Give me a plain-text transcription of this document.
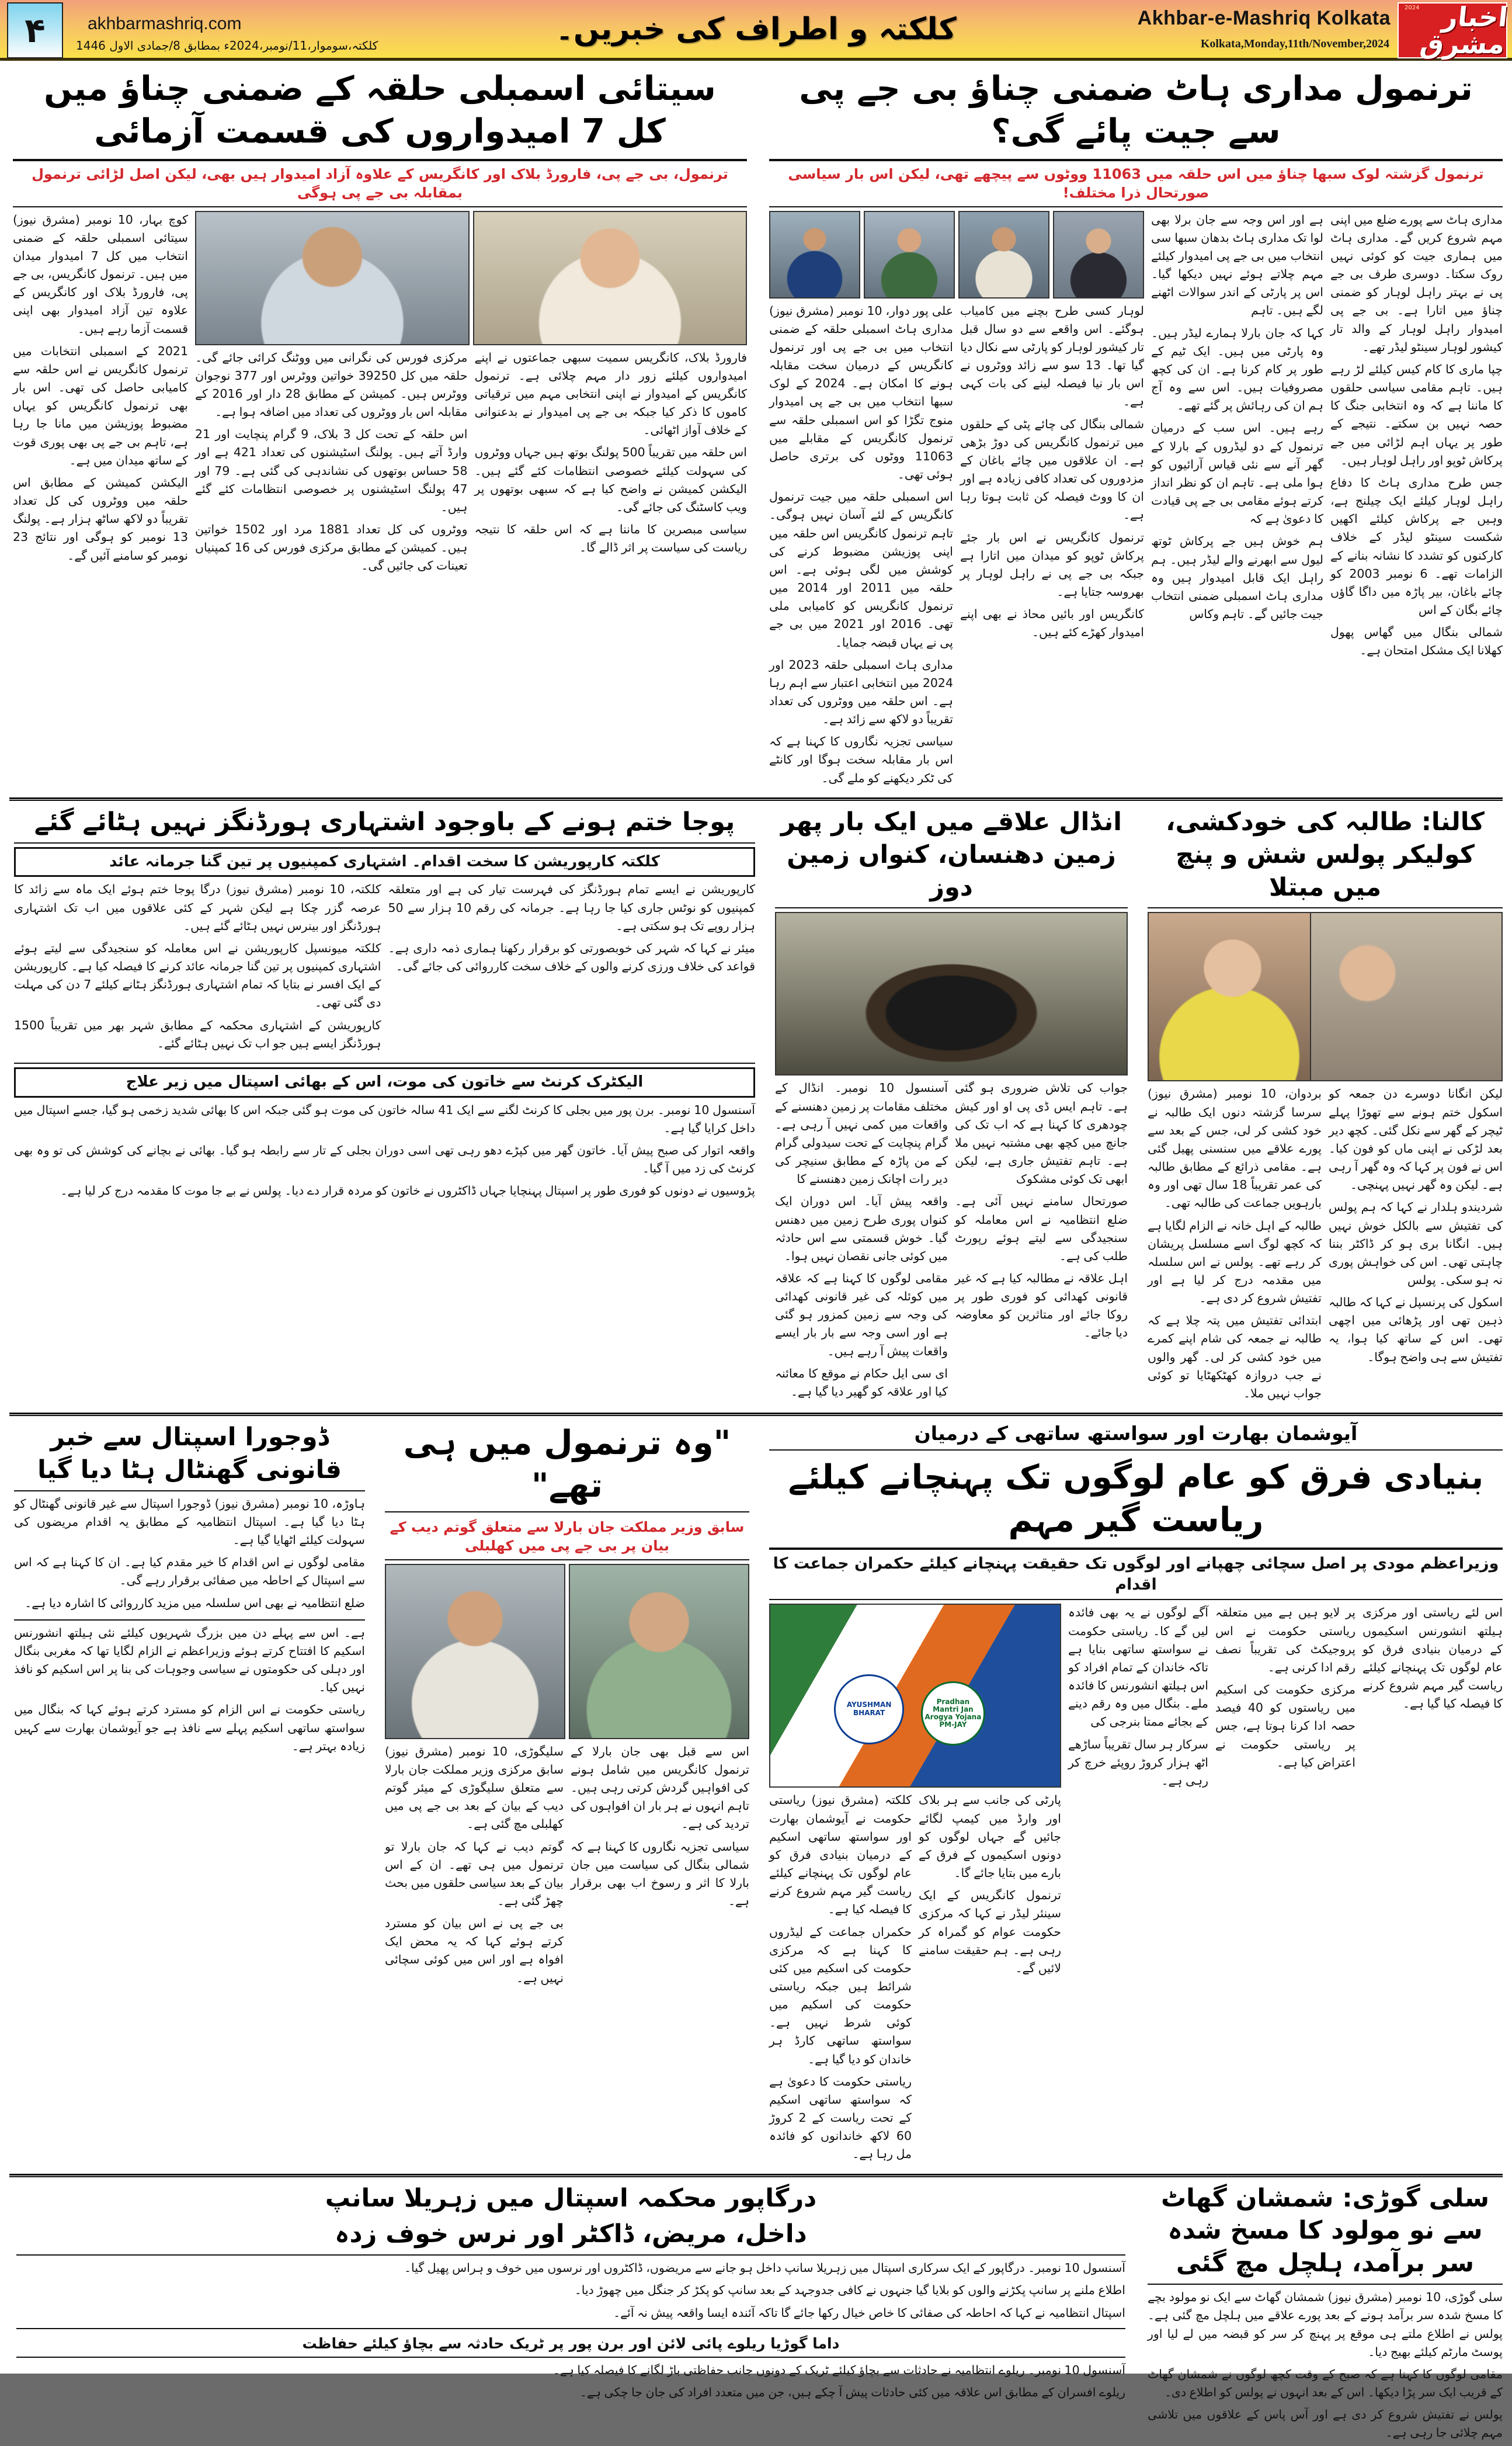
2024 اخبار مشرق
Akhbar-e-Mashriq Kolkata
Kolkata,Monday,11th/November,2024
کلکتہ و اطراف کی خبریں۔
akhbarmashriq.com
کلکتہ،سوموار،11/نومبر،2024ء بمطابق 8/جمادی الاول 1446
۴
ترنمول مداری ہاٹ ضمنی چناؤ بی جے پی سے جیت پائے گی؟
ترنمول گزشتہ لوک سبھا چناؤ میں اس حلقہ میں 11063 ووٹوں سے پیچھے تھی، لیکن اس بار سیاسی صورتحال ذرا مختلف!

مداری ہاٹ سے پورے ضلع میں اپنی مہم شروع کریں گے۔ مداری ہاٹ میں ہماری جیت کو کوئی نہیں روک سکتا۔ دوسری طرف بی جے پی نے بہتر راہل لوہار کو ضمنی چناؤ میں اتارا ہے۔ بی جے پی امیدوار راہل لوہار کے والد تار کیشور لوہار سینٹو لیڈر تھے۔

چپا ماری کا کام کیس کیلئے لڑ رہے ہیں۔ تاہم مقامی سیاسی حلقوں کا ماننا ہے کہ وہ انتخابی جنگ کا حصہ نہیں بن سکتے۔ نتیجے کے طور پر یہاں اہم لڑائی میں جے پرکاش ٹوپو اور راہل لوہار ہیں۔

جس طرح مداری ہاٹ کا دفاع راہل لوہار کیلئے ایک چیلنج ہے، وہیں جے پرکاش کیلئے اکھیں شکست سینٹو لیڈر کے خلاف کارکنوں کو تشدد کا نشانہ بنانے کے الزامات تھے۔ 6 نومبر 2003 کو چائے باغان، بیر پاڑہ میں داگا گاؤں چائے بگان کے اس

شمالی بنگال میں گھاس پھول کھلانا ایک مشکل امتحان ہے۔

ہے اور اس وجہ سے جان برلا بھی لوا تک مداری ہاٹ بدھان سبھا سی انتخاب میں بی جے پی امیدوار کیلئے مہم چلاتے ہوئے نہیں دیکھا گیا۔ اس پر پارٹی کے اندر سوالات اٹھنے لگے ہیں۔ تاہم

کہا کہ جان بارلا ہمارے لیڈر ہیں۔ وہ پارٹی میں ہیں۔ ایک ٹیم کے طور پر کام کرنا ہے۔ ان کی کچھ مصروفیات ہیں۔ اس سے وہ آج ہم ان کی رہائش پر گئے تھے۔

رہے ہیں۔ اس سب کے درمیان ترنمول کے دو لیڈروں کے بارلا کے گھر آنے سے نئی قیاس آرائیوں کو ہوا ملی ہے۔ تاہم ان کو نظر انداز کرتے ہوئے مقامی بی جے پی قیادت کا دعویٰ ہے کہ

ہم خوش ہیں جے پرکاش ٹوتھ لیول سے ابھرنے والے لیڈر ہیں۔ ہم راہل ایک قابل امیدوار ہیں وہ مداری ہاٹ اسمبلی ضمنی انتخاب جیت جائیں گے۔ تاہم وکاس

لوہار کسی طرح بچنے میں کامیاب ہوگئے۔ اس واقعے سے دو سال قبل تار کیشور لوہار کو پارٹی سے نکال دیا گیا تھا۔ 13 سو سے زائد ووٹروں نے اس بار نیا فیصلہ لینے کی بات کہی ہے۔

شمالی بنگال کی چائے پٹی کے حلقوں میں ترنمول کانگریس کی دوڑ بڑھی ہے۔ ان علاقوں میں چائے باغان کے مزدوروں کی تعداد کافی زیادہ ہے اور ان کا ووٹ فیصلہ کن ثابت ہوتا رہا ہے۔

ترنمول کانگریس نے اس بار جئے پرکاش ٹوپو کو میدان میں اتارا ہے جبکہ بی جے پی نے راہل لوہار پر بھروسہ جتایا ہے۔

کانگریس اور بائیں محاذ نے بھی اپنے امیدوار کھڑے کئے ہیں۔

علی پور دوار، 10 نومبر (مشرق نیوز) مداری ہاٹ اسمبلی حلقہ کے ضمنی انتخاب میں بی جے پی اور ترنمول کانگریس کے درمیان سخت مقابلہ ہونے کا امکان ہے۔ 2024 کے لوک سبھا انتخاب میں بی جے پی امیدوار منوج تگڑا کو اس اسمبلی حلقہ سے ترنمول کانگریس کے مقابلے میں 11063 ووٹوں کی برتری حاصل ہوئی تھی۔

اس اسمبلی حلقہ میں جیت ترنمول کانگریس کے لئے آسان نہیں ہوگی۔ تاہم ترنمول کانگریس اس حلقہ میں اپنی پوزیشن مضبوط کرنے کی کوشش میں لگی ہوئی ہے۔ اس حلقہ میں 2011 اور 2014 میں ترنمول کانگریس کو کامیابی ملی تھی۔ 2016 اور 2021 میں بی جے پی نے یہاں قبضہ جمایا۔

مداری ہاٹ اسمبلی حلقہ 2023 اور 2024 میں انتخابی اعتبار سے اہم رہا ہے۔ اس حلقہ میں ووٹروں کی تعداد تقریباً دو لاکھ سے زائد ہے۔

سیاسی تجزیہ نگاروں کا کہنا ہے کہ اس بار مقابلہ سخت ہوگا اور کانٹے کی ٹکر دیکھنے کو ملے گی۔

سیتائی اسمبلی حلقہ کے ضمنی چناؤ میں کل 7 امیدواروں کی قسمت آزمائی
ترنمول، بی جے پی، فارورڈ بلاک اور کانگریس کے علاوہ آزاد امیدوار ہیں بھی، لیکن اصل لڑائی ترنمول بمقابلہ بی جے پی ہوگی

فارورڈ بلاک، کانگریس سمیت سبھی جماعتوں نے اپنے امیدواروں کیلئے زور دار مہم چلائی ہے۔ ترنمول کانگریس کے امیدوار نے اپنی انتخابی مہم میں ترقیاتی کاموں کا ذکر کیا جبکہ بی جے پی امیدوار نے بدعنوانی کے خلاف آواز اٹھائی۔

اس حلقہ میں تقریباً 500 پولنگ بوتھ ہیں جہاں ووٹروں کی سہولت کیلئے خصوصی انتظامات کئے گئے ہیں۔ الیکشن کمیشن نے واضح کیا ہے کہ سبھی بوتھوں پر ویب کاسٹنگ کی جائے گی۔

سیاسی مبصرین کا ماننا ہے کہ اس حلقہ کا نتیجہ ریاست کی سیاست پر اثر ڈالے گا۔

مرکزی فورس کی نگرانی میں ووٹنگ کرائی جائے گی۔ حلقہ میں کل 39250 خواتین ووٹرس اور 377 نوجوان ووٹرس ہیں۔ کمیشن کے مطابق 28 دار اور 2016 کے مقابلہ اس بار ووٹروں کی تعداد میں اضافہ ہوا ہے۔

اس حلقہ کے تحت کل 3 بلاک، 9 گرام پنچایت اور 21 وارڈ آتے ہیں۔ پولنگ اسٹیشنوں کی تعداد 421 ہے اور 58 حساس بوتھوں کی نشاندہی کی گئی ہے۔ 79 اور 47 پولنگ اسٹیشنوں پر خصوصی انتظامات کئے گئے ہیں۔

ووٹروں کی کل تعداد 1881 مرد اور 1502 خواتین ہیں۔ کمیشن کے مطابق مرکزی فورس کی 16 کمپنیاں تعینات کی جائیں گی۔

کوچ بہار، 10 نومبر (مشرق نیوز) سیتائی اسمبلی حلقہ کے ضمنی انتخاب میں کل 7 امیدوار میدان میں ہیں۔ ترنمول کانگریس، بی جے پی، فارورڈ بلاک اور کانگریس کے علاوہ تین آزاد امیدوار بھی اپنی قسمت آزما رہے ہیں۔

2021 کے اسمبلی انتخابات میں ترنمول کانگریس نے اس حلقہ سے کامیابی حاصل کی تھی۔ اس بار بھی ترنمول کانگریس کو یہاں مضبوط پوزیشن میں مانا جا رہا ہے، تاہم بی جے پی بھی پوری قوت کے ساتھ میدان میں ہے۔

الیکشن کمیشن کے مطابق اس حلقہ میں ووٹروں کی کل تعداد تقریباً دو لاکھ ساٹھ ہزار ہے۔ پولنگ 13 نومبر کو ہوگی اور نتائج 23 نومبر کو سامنے آئیں گے۔

کالنا: طالبہ کی خودکشی، کولیکر پولس شش و پنچ میں مبتلا

لیکن انگانا دوسرے دن جمعہ کو اسکول ختم ہونے سے تھوڑا پہلے ٹیچر کے گھر سے نکل گئی۔ کچھ دیر بعد لڑکی نے اپنی ماں کو فون کیا۔ اس نے فون پر کہا کہ وہ گھر آ رہی ہے۔ لیکن وہ گھر نہیں پہنچی۔

شردیندو ہلدار نے کہا کہ ہم پولس کی تفتیش سے بالکل خوش نہیں ہیں۔ انگانا بری ہو کر ڈاکٹر بننا چاہتی تھی۔ اس کی خواہش پوری نہ ہو سکی۔ پولس

اسکول کی پرنسپل نے کہا کہ طالبہ ذہین تھی اور پڑھائی میں اچھی تھی۔ اس کے ساتھ کیا ہوا، یہ تفتیش سے ہی واضح ہوگا۔

بردوان، 10 نومبر (مشرق نیوز) سرسا گزشتہ دنوں ایک طالبہ نے خود کشی کر لی، جس کے بعد سے پورے علاقے میں سنسنی پھیل گئی ہے۔ مقامی ذرائع کے مطابق طالبہ کی عمر تقریباً 18 سال تھی اور وہ بارہویں جماعت کی طالبہ تھی۔

طالبہ کے اہل خانہ نے الزام لگایا ہے کہ کچھ لوگ اسے مسلسل پریشان کر رہے تھے۔ پولس نے اس سلسلہ میں مقدمہ درج کر لیا ہے اور تفتیش شروع کر دی ہے۔

ابتدائی تفتیش میں پتہ چلا ہے کہ طالبہ نے جمعہ کی شام اپنے کمرے میں خود کشی کر لی۔ گھر والوں نے جب دروازہ کھٹکھٹایا تو کوئی جواب نہیں ملا۔

انڈال علاقے میں ایک بار پھر زمین دھنسان، کنواں زمین دوز

جواب کی تلاش ضروری ہو گئی ہے۔ تاہم ایس ڈی پی او اور کیش چودھری کا کہنا ہے کہ اب تک کی جانچ میں کچھ بھی مشتبہ نہیں ملا ہے۔ تاہم تفتیش جاری ہے، لیکن ابھی تک کوئی مشکوک

صورتحال سامنے نہیں آئی ہے۔ ضلع انتظامیہ نے اس معاملہ کو سنجیدگی سے لیتے ہوئے رپورٹ طلب کی ہے۔

اہل علاقہ نے مطالبہ کیا ہے کہ غیر قانونی کھدائی کو فوری طور پر روکا جائے اور متاثرین کو معاوضہ دیا جائے۔

آسنسول 10 نومبر۔ انڈال کے مختلف مقامات پر زمین دھنسنے کے واقعات میں کمی نہیں آ رہی ہے۔ گرام پنچایت کے تحت سیدولی گرام کے من پاڑہ کے مطابق سنیچر کی دیر رات اچانک زمین دھنسنے کا

واقعہ پیش آیا۔ اس دوران ایک کنواں پوری طرح زمین میں دھنس گیا۔ خوش قسمتی سے اس حادثہ میں کوئی جانی نقصان نہیں ہوا۔

مقامی لوگوں کا کہنا ہے کہ علاقہ میں کوئلہ کی غیر قانونی کھدائی کی وجہ سے زمین کمزور ہو گئی ہے اور اسی وجہ سے بار بار ایسے واقعات پیش آ رہے ہیں۔

ای سی ایل حکام نے موقع کا معائنہ کیا اور علاقہ کو گھیر دیا گیا ہے۔

پوجا ختم ہونے کے باوجود اشتہاری ہورڈنگز نہیں ہٹائے گئے
کلکتہ کارپوریشن کا سخت اقدام۔ اشتہاری کمپنیوں پر تین گنا جرمانہ عائد

کارپوریشن نے ایسے تمام ہورڈنگز کی فہرست تیار کی ہے اور متعلقہ کمپنیوں کو نوٹس جاری کیا جا رہا ہے۔ جرمانہ کی رقم 10 ہزار سے 50 ہزار روپے تک ہو سکتی ہے۔

میئر نے کہا کہ شہر کی خوبصورتی کو برقرار رکھنا ہماری ذمہ داری ہے۔ قواعد کی خلاف ورزی کرنے والوں کے خلاف سخت کارروائی کی جائے گی۔

کلکتہ، 10 نومبر (مشرق نیوز) درگا پوجا ختم ہوئے ایک ماہ سے زائد کا عرصہ گزر چکا ہے لیکن شہر کے کئی علاقوں میں اب تک اشتہاری ہورڈنگز اور بینرس نہیں ہٹائے گئے ہیں۔

کلکتہ میونسپل کارپوریشن نے اس معاملہ کو سنجیدگی سے لیتے ہوئے اشتہاری کمپنیوں پر تین گنا جرمانہ عائد کرنے کا فیصلہ کیا ہے۔ کارپوریشن کے ایک افسر نے بتایا کہ تمام اشتہاری ہورڈنگز ہٹانے کیلئے 7 دن کی مہلت دی گئی تھی۔

کارپوریشن کے اشتہاری محکمہ کے مطابق شہر بھر میں تقریباً 1500 ہورڈنگز ایسے ہیں جو اب تک نہیں ہٹائے گئے۔

الیکٹرک کرنٹ سے خاتون کی موت، اس کے بھائی اسپتال میں زیر علاج

آسنسول 10 نومبر۔ برن پور میں بجلی کا کرنٹ لگنے سے ایک 41 سالہ خاتون کی موت ہو گئی جبکہ اس کا بھائی شدید زخمی ہو گیا، جسے اسپتال میں داخل کرایا گیا ہے۔

واقعہ اتوار کی صبح پیش آیا۔ خاتون گھر میں کپڑے دھو رہی تھی اسی دوران بجلی کے تار سے رابطہ ہو گیا۔ بھائی نے بچانے کی کوشش کی تو وہ بھی کرنٹ کی زد میں آ گیا۔

پڑوسیوں نے دونوں کو فوری طور پر اسپتال پہنچایا جہاں ڈاکٹروں نے خاتون کو مردہ قرار دے دیا۔ پولس نے بے جا موت کا مقدمہ درج کر لیا ہے۔

آیوشمان بھارت اور سواستھ ساتھی کے درمیان
بنیادی فرق کو عام لوگوں تک پہنچانے کیلئے ریاست گیر مہم
وزیراعظم مودی پر اصل سچائی چھپانے اور لوگوں تک حقیقت پہنچانے کیلئے حکمران جماعت کا اقدام

اس لئے ریاستی اور مرکزی ہیلتھ انشورنس اسکیموں کے درمیان بنیادی فرق کو عام لوگوں تک پہنچانے کیلئے ریاست گیر مہم شروع کرنے کا فیصلہ کیا گیا ہے۔

پر لایو ہیں ہے میں متعلقہ ریاستی حکومت نے اس پروجیکٹ کی تقریباً نصف رقم ادا کرنی ہے۔

مرکزی حکومت کی اسکیم میں ریاستوں کو 40 فیصد حصہ ادا کرنا ہوتا ہے، جس پر ریاستی حکومت نے اعتراض کیا ہے۔

آگے لوگوں نے یہ بھی فائدہ لیں گے کا۔ ریاستی حکومت نے سواستھ ساتھی بنایا ہے تاکہ خاندان کے تمام افراد کو اس ہیلتھ انشورنس کا فائدہ ملے۔ بنگال میں وہ رقم دینے کے بجائے ممتا بنرجی کی

سرکار ہر سال تقریباً ساڑھے اٹھ ہزار کروڑ روپئے خرچ کر رہی ہے۔

AYUSHMAN BHARAT
Pradhan Mantri Jan Arogya Yojana PM-JAY

پارٹی کی جانب سے ہر بلاک اور وارڈ میں کیمپ لگائے جائیں گے جہاں لوگوں کو دونوں اسکیموں کے فرق کے بارے میں بتایا جائے گا۔

ترنمول کانگریس کے ایک سینئر لیڈر نے کہا کہ مرکزی حکومت عوام کو گمراہ کر رہی ہے۔ ہم حقیقت سامنے لائیں گے۔

کلکتہ (مشرق نیوز) ریاستی حکومت نے آیوشمان بھارت اور سواستھ ساتھی اسکیم کے درمیان بنیادی فرق کو عام لوگوں تک پہنچانے کیلئے ریاست گیر مہم شروع کرنے کا فیصلہ کیا ہے۔

حکمراں جماعت کے لیڈروں کا کہنا ہے کہ مرکزی حکومت کی اسکیم میں کئی شرائط ہیں جبکہ ریاستی حکومت کی اسکیم میں کوئی شرط نہیں ہے۔ سواستھ ساتھی کارڈ ہر خاندان کو دیا گیا ہے۔

ریاستی حکومت کا دعویٰ ہے کہ سواستھ ساتھی اسکیم کے تحت ریاست کے 2 کروڑ 60 لاکھ خاندانوں کو فائدہ مل رہا ہے۔

"وہ ترنمول میں ہی تھے"
سابق وزیر مملکت جان بارلا سے متعلق گوتم دیب کے بیان پر بی جے پی میں کھلبلی

اس سے قبل بھی جان بارلا کے ترنمول کانگریس میں شامل ہونے کی افواہیں گردش کرتی رہی ہیں۔ تاہم انہوں نے ہر بار ان افواہوں کی تردید کی ہے۔

سیاسی تجزیہ نگاروں کا کہنا ہے کہ شمالی بنگال کی سیاست میں جان بارلا کا اثر و رسوخ اب بھی برقرار ہے۔

سلیگوڑی، 10 نومبر (مشرق نیوز) سابق مرکزی وزیر مملکت جان بارلا سے متعلق سلیگوڑی کے میئر گوتم دیب کے بیان کے بعد بی جے پی میں کھلبلی مچ گئی ہے۔

گوتم دیب نے کہا کہ جان بارلا تو ترنمول میں ہی تھے۔ ان کے اس بیان کے بعد سیاسی حلقوں میں بحث چھڑ گئی ہے۔

بی جے پی نے اس بیان کو مسترد کرتے ہوئے کہا کہ یہ محض ایک افواہ ہے اور اس میں کوئی سچائی نہیں ہے۔

ڈوجورا اسپتال سے خبر قانونی گھنٹال ہٹا دیا گیا

ہاوڑہ، 10 نومبر (مشرق نیوز) ڈوجورا اسپتال سے غیر قانونی گھنٹال کو ہٹا دیا گیا ہے۔ اسپتال انتظامیہ کے مطابق یہ اقدام مریضوں کی سہولت کیلئے اٹھایا گیا ہے۔

مقامی لوگوں نے اس اقدام کا خیر مقدم کیا ہے۔ ان کا کہنا ہے کہ اس سے اسپتال کے احاطہ میں صفائی برقرار رہے گی۔

ضلع انتظامیہ نے بھی اس سلسلہ میں مزید کارروائی کا اشارہ دیا ہے۔

ہے۔ اس سے پہلے دن میں بزرگ شہریوں کیلئے نئی ہیلتھ انشورنس اسکیم کا افتتاح کرتے ہوئے وزیراعظم نے الزام لگایا تھا کہ مغربی بنگال اور دہلی کی حکومتوں نے سیاسی وجوہات کی بنا پر اس اسکیم کو نافذ نہیں کیا۔

ریاستی حکومت نے اس الزام کو مسترد کرتے ہوئے کہا کہ بنگال میں سواستھ ساتھی اسکیم پہلے سے نافذ ہے جو آیوشمان بھارت سے کہیں زیادہ بہتر ہے۔

سلی گوڑی: شمشان گھاٹ سے نو مولود کا مسخ شدہ سر برآمد، ہلچل مچ گئی

سلی گوڑی، 10 نومبر (مشرق نیوز) شمشان گھاٹ سے ایک نو مولود بچے کا مسخ شدہ سر برآمد ہونے کے بعد پورے علاقے میں ہلچل مچ گئی ہے۔ پولس نے اطلاع ملتے ہی موقع پر پہنچ کر سر کو قبضہ میں لے لیا اور پوسٹ مارٹم کیلئے بھیج دیا۔

مقامی لوگوں کا کہنا ہے کہ صبح کے وقت کچھ لوگوں نے شمشان گھاٹ کے قریب ایک سر پڑا دیکھا۔ اس کے بعد انہوں نے پولس کو اطلاع دی۔

پولس نے تفتیش شروع کر دی ہے اور آس پاس کے علاقوں میں تلاشی مہم چلائی جا رہی ہے۔

درگاپور محکمہ اسپتال میں زہریلا سانپ
داخل، مریض، ڈاکٹر اور نرس خوف زدہ

آسنسول 10 نومبر۔ درگاپور کے ایک سرکاری اسپتال میں زہریلا سانپ داخل ہو جانے سے مریضوں، ڈاکٹروں اور نرسوں میں خوف و ہراس پھیل گیا۔

اطلاع ملنے پر سانپ پکڑنے والوں کو بلایا گیا جنہوں نے کافی جدوجہد کے بعد سانپ کو پکڑ کر جنگل میں چھوڑ دیا۔

اسپتال انتظامیہ نے کہا کہ احاطہ کی صفائی کا خاص خیال رکھا جائے گا تاکہ آئندہ ایسا واقعہ پیش نہ آئے۔

داما گوڑیا ریلوے پائی لائن اور برن پور پر ٹریک حادثہ سے بچاؤ کیلئے حفاظت

آسنسول 10 نومبر۔ ریلوے انتظامیہ نے حادثات سے بچاؤ کیلئے ٹریک کے دونوں جانب حفاظتی باڑ لگانے کا فیصلہ کیا ہے۔

ریلوے افسران کے مطابق اس علاقہ میں کئی حادثات پیش آ چکے ہیں، جن میں متعدد افراد کی جان جا چکی ہے۔
